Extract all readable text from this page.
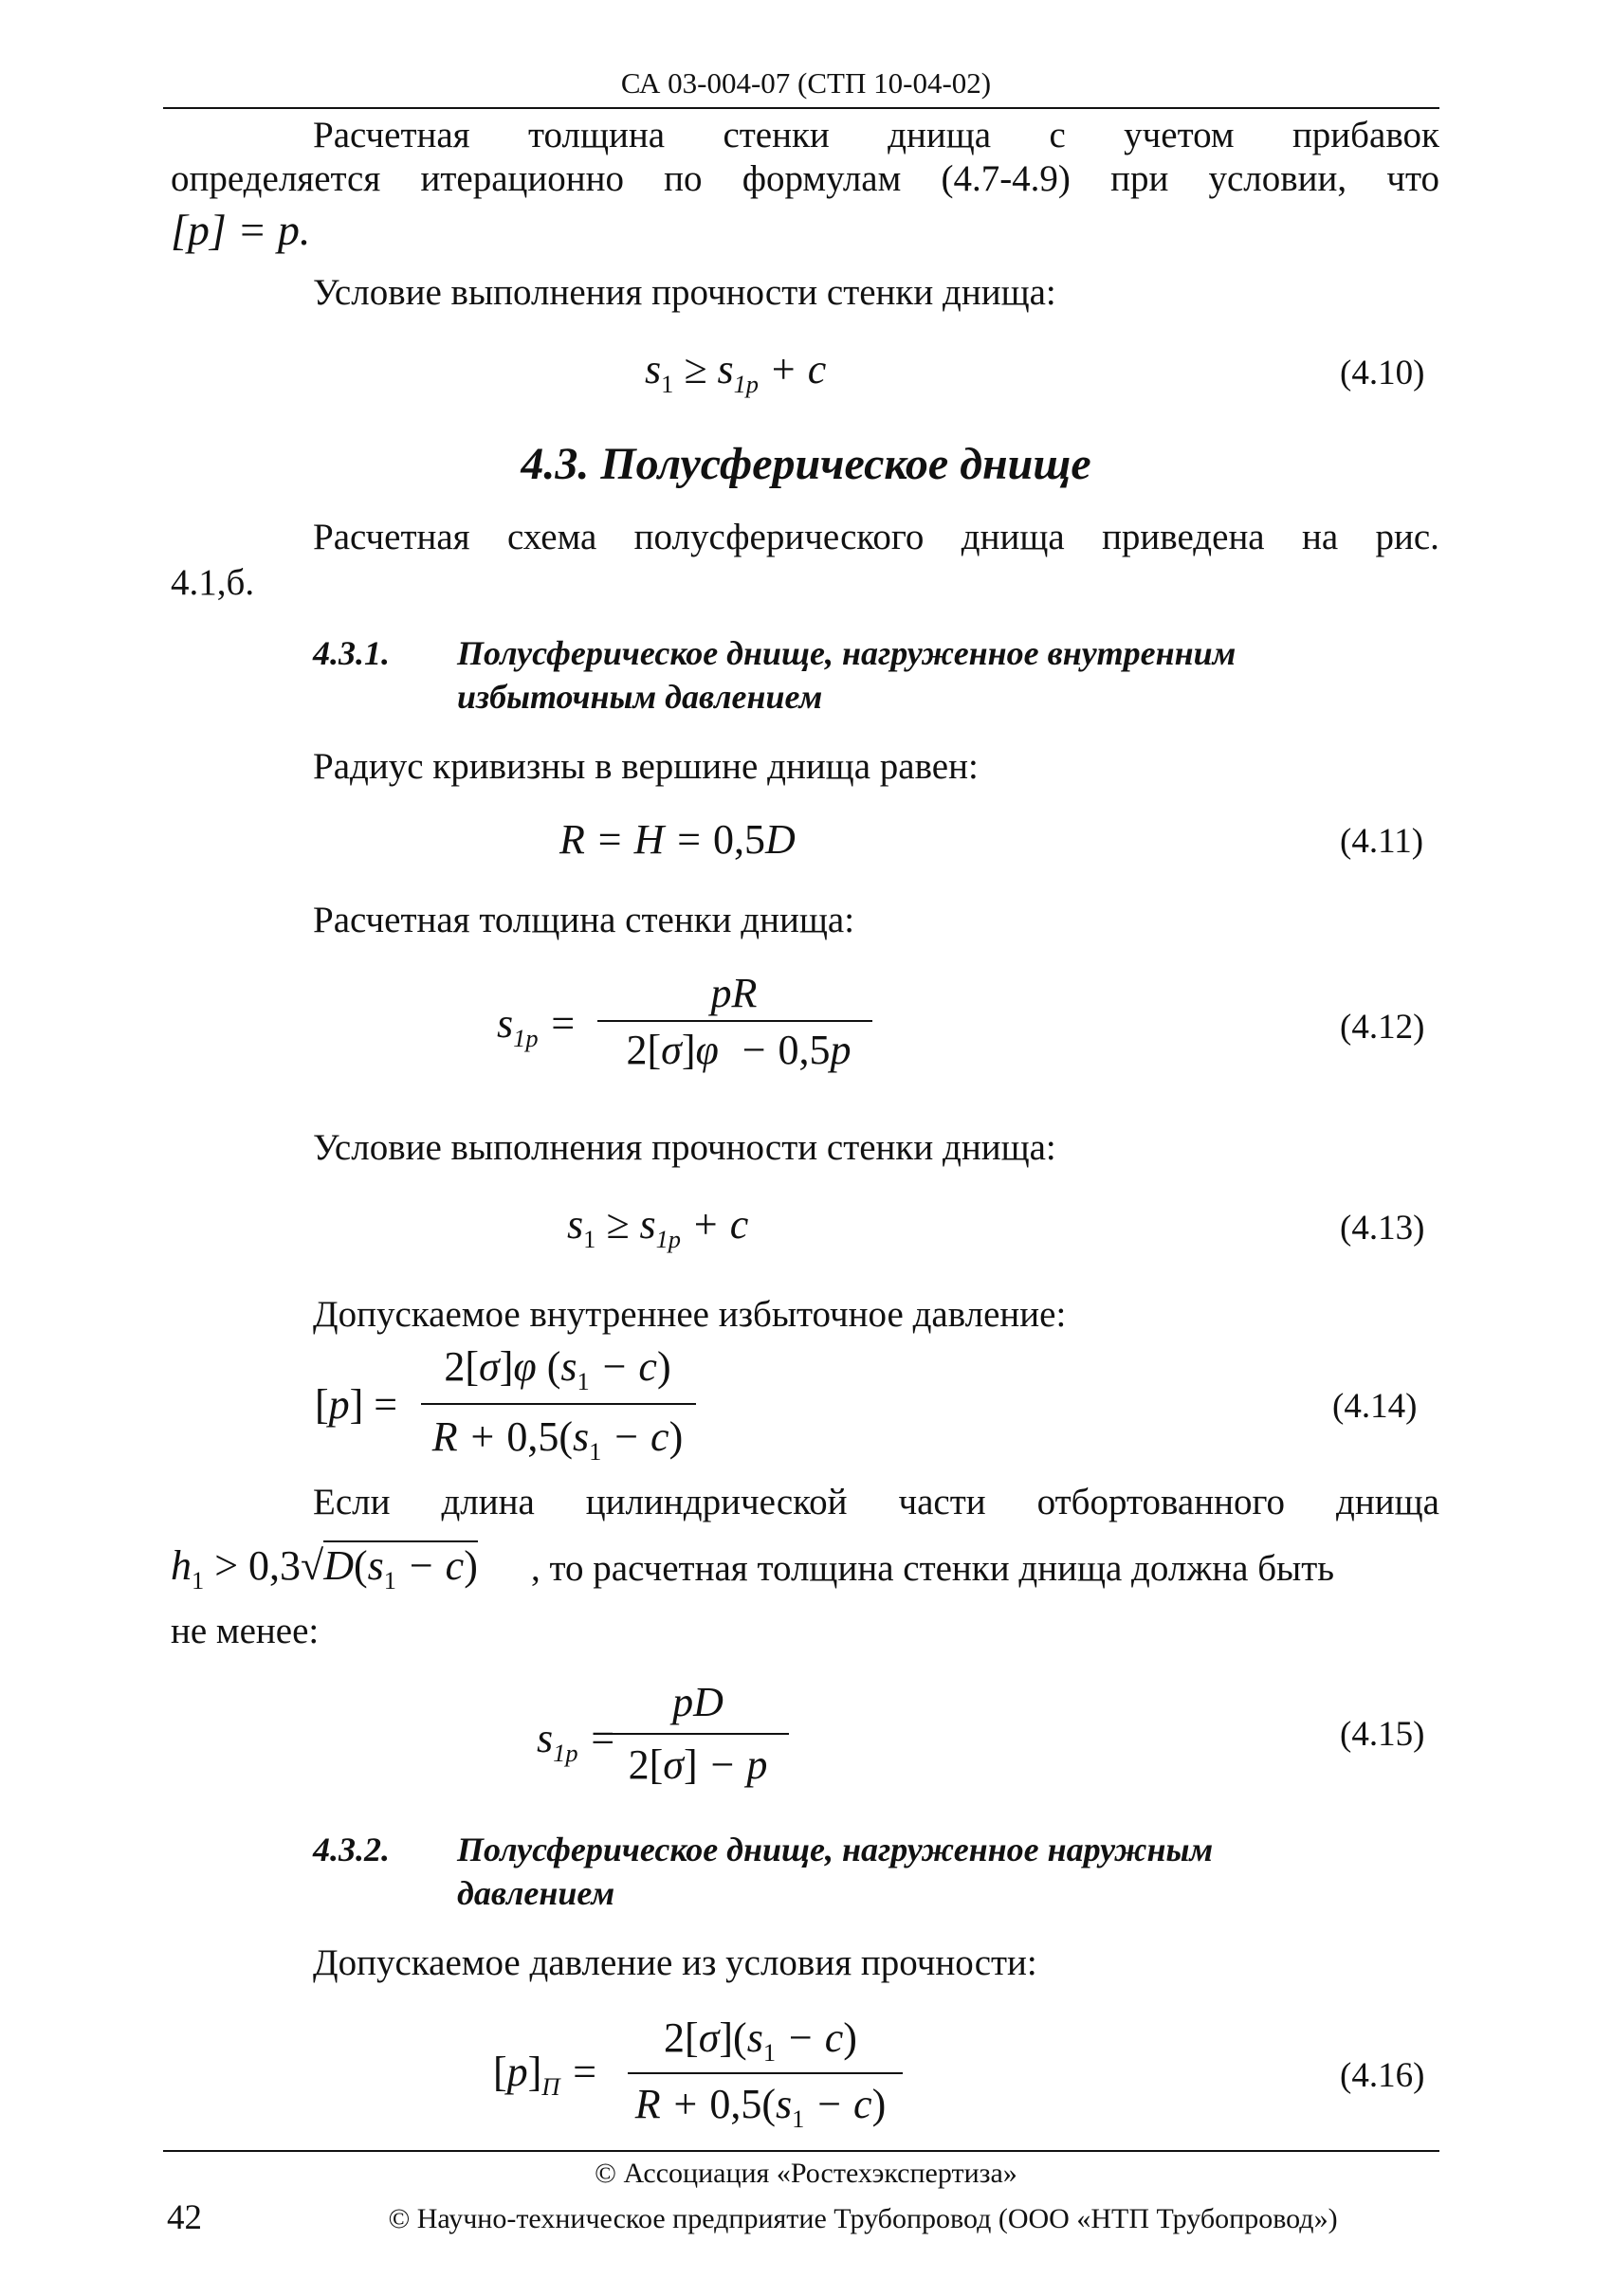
СА 03-004-07 (СТП 10-04-02)
Расчетная толщина стенки днища с учетом прибавок
определяется итерационно по формулам (4.7-4.9) при условии, что
[p] = p.
Условие выполнения прочности стенки днища:
$s_1 \ge s_{1p} + c$	(4.10)
4.3. Полусферическое днище
Расчетная схема полусферического днища приведена на рис.
4.1,б.
4.3.1. Полусферическое днище, нагруженное внутренним
избыточным давлением
Радиус кривизны в вершине днища равен:
R = H = 0,5D	(4.11)
Расчетная толщина стенки днища:
$s_{1p}$ =
pR
2[σ]φ  − 0,5p	(4.12)
Условие выполнения прочности стенки днища:
$s_1 \ge s_{1p} + c$	(4.13)
Допускаемое внутреннее избыточное давление:
[p] =
2[σ]φ $(s_1 - c)$
$R + 0,5(s_1 - c)$
(4.14)
Если длина цилиндрической части отбортованного днища
$h_1 > 0,3√D(s_1 - c)$ , то расчетная толщина стенки днища должна быть
не менее:
$s_{1p}$ =
pD
2[σ] − p
(4.15)
4.3.2. Полусферическое днище, нагруженное наружным
давлением
Допускаемое давление из условия прочности:
$[p]_П$ =
$2[\sigma](s_1 - c)$
$R + 0,5(s_1 - c)$
(4.16)
© Ассоциация «Ростехэкспертиза»
42	© Научно-техническое предприятие Трубопровод (ООО «НТП Трубопровод»)
